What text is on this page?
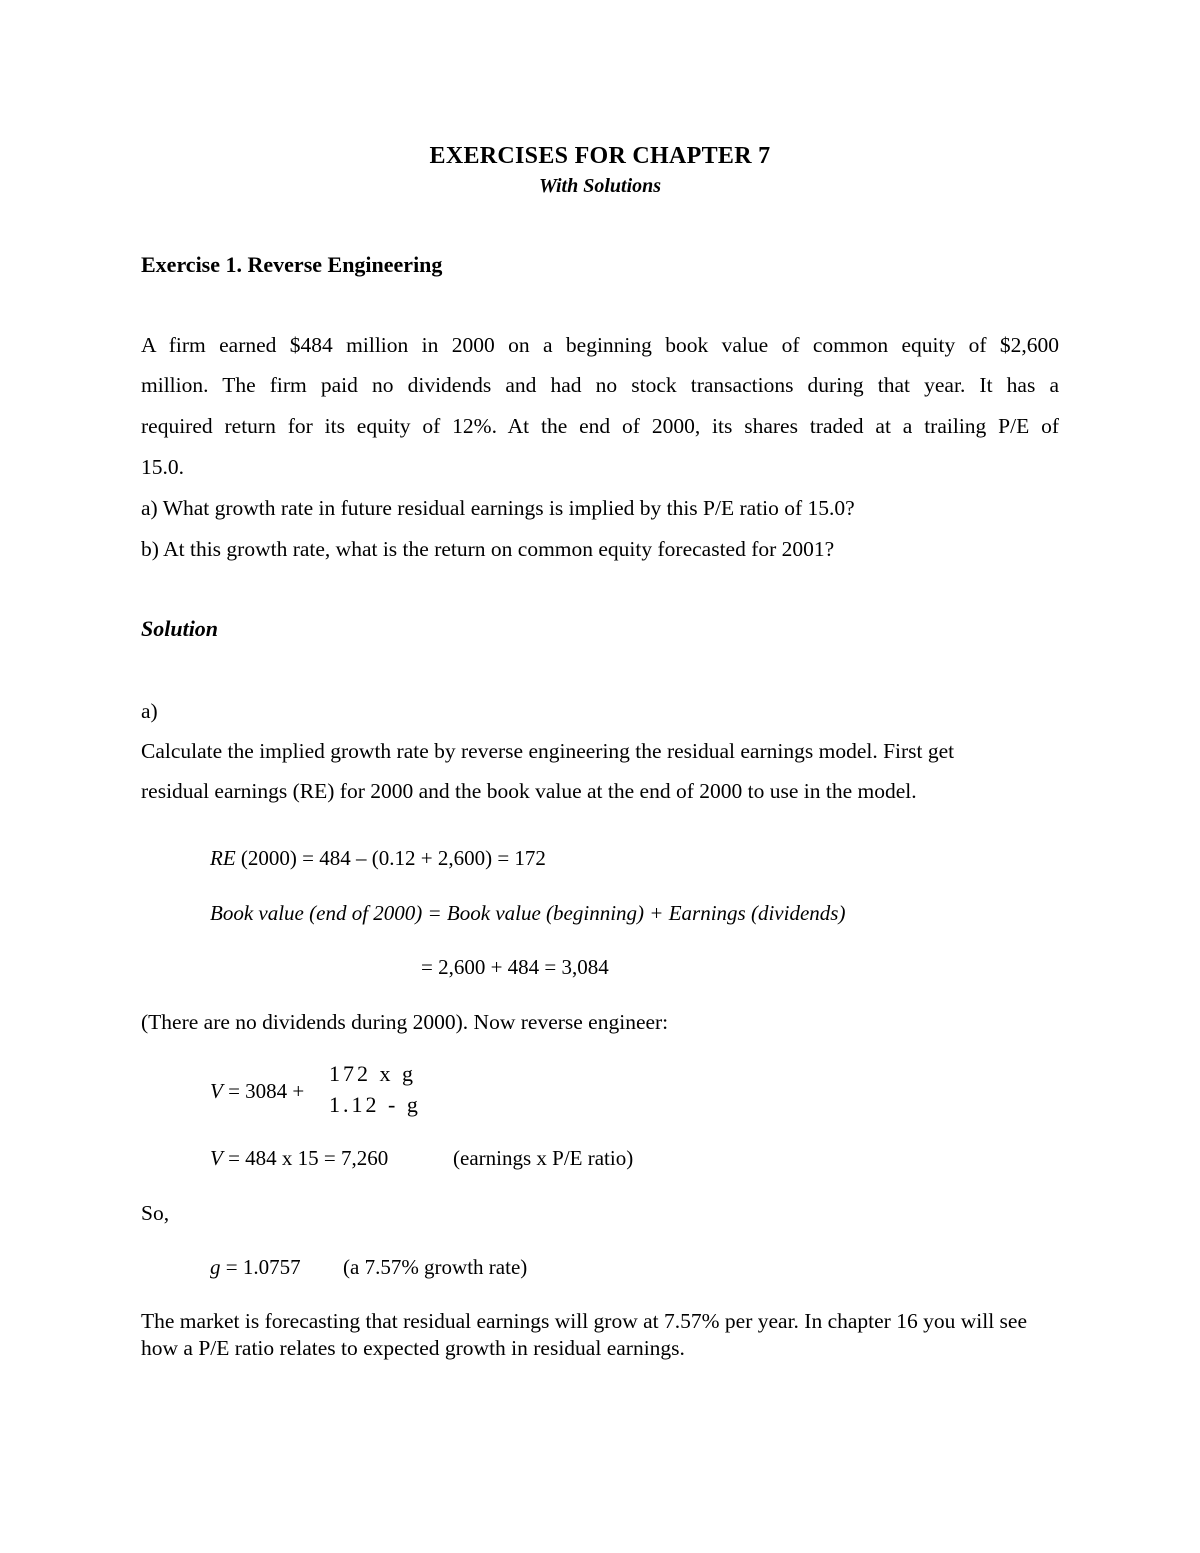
EXERCISES FOR CHAPTER 7
With Solutions
Exercise 1. Reverse Engineering
A firm earned $484 million in 2000 on a beginning book value of common equity of $2,600
million. The firm paid no dividends and had no stock transactions during that year. It has a
required return for its equity of 12%. At the end of 2000, its shares traded at a trailing P/E of
15.0.
a) What growth rate in future residual earnings is implied by this P/E ratio of 15.0?
b) At this growth rate, what is the return on common equity forecasted for 2001?
Solution
a)
Calculate the implied growth rate by reverse engineering the residual earnings model. First get
residual earnings (RE) for 2000 and the book value at the end of 2000 to use in the model.
RE (2000) = 484 – (0.12 + 2,600) = 172
Book value (end of 2000) = Book value (beginning) + Earnings (dividends)
= 2,600 + 484 = 3,084
(There are no dividends during 2000). Now reverse engineer:
V = 3084 +
172 x g
1.12 - g
V = 484 x 15 = 7,260	(earnings x P/E ratio)
So,
g = 1.0757 (a 7.57% growth rate)
The market is forecasting that residual earnings will grow at 7.57% per year. In chapter 16 you will see how a P/E ratio relates to expected growth in residual earnings.
